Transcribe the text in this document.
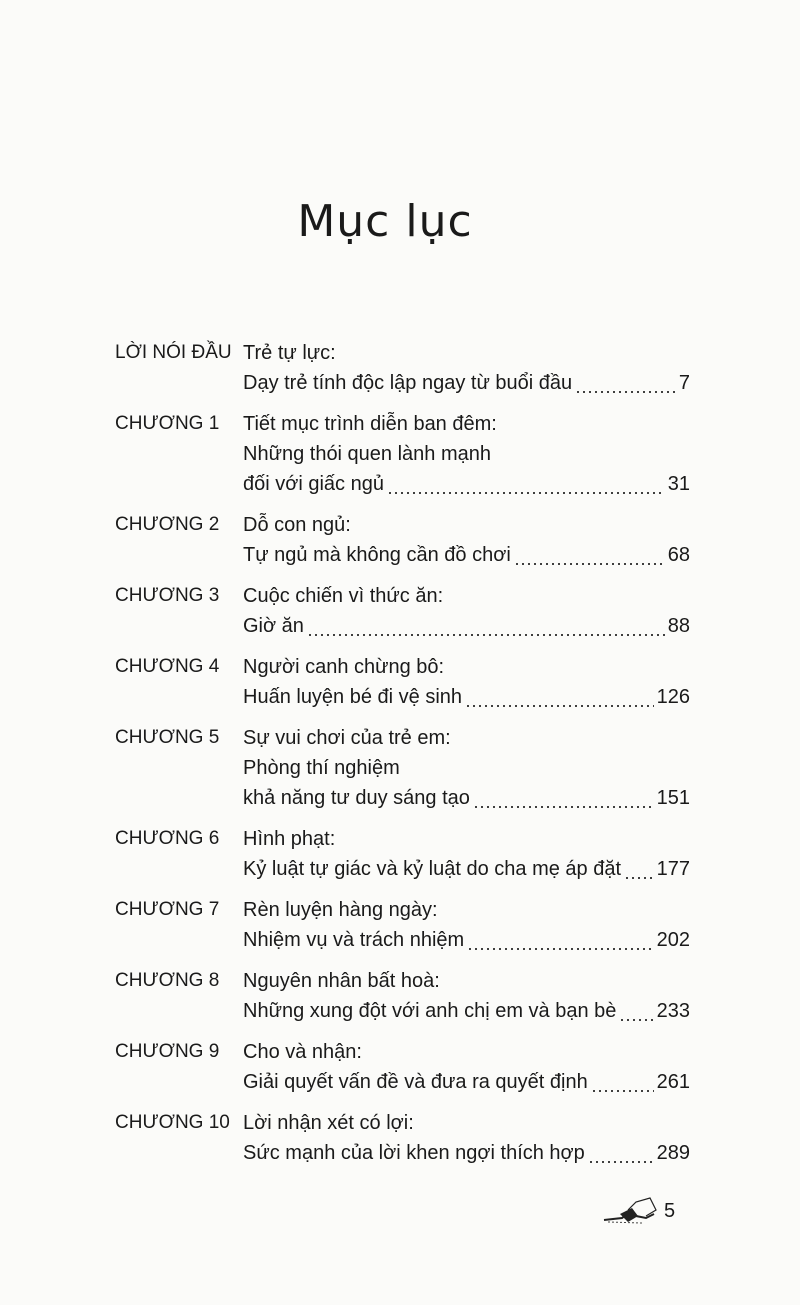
Mục lục
LỜI NÓI ĐẦU Trẻ tự lực:
Dạy trẻ tính độc lập ngay từ buổi đầu	7
CHƯƠNG 1	Tiết mục trình diễn ban đêm:
Những thói quen lành mạnh
đối với giấc ngủ	31
CHƯƠNG 2	Dỗ con ngủ:
Tự ngủ mà không cần đồ chơi	68
CHƯƠNG 3	Cuộc chiến vì thức ăn:
Giờ ăn	88
CHƯƠNG 4	Người canh chừng bô:
Huấn luyện bé đi vệ sinh	126
CHƯƠNG 5	Sự vui chơi của trẻ em:
Phòng thí nghiệm
khả năng tư duy sáng tạo	151
CHƯƠNG 6	Hình phạt:
Kỷ luật tự giác và kỷ luật do cha mẹ áp đặt 177
CHƯƠNG 7	Rèn luyện hàng ngày:
Nhiệm vụ và trách nhiệm	202
CHƯƠNG 8	Nguyên nhân bất hoà:
Những xung đột với anh chị em và bạn bè 233
CHƯƠNG 9	Cho và nhận:
Giải quyết vấn đề và đưa ra quyết định	261
CHƯƠNG 10 Lời nhận xét có lợi:
Sức mạnh của lời khen ngợi thích hợp	289
5
